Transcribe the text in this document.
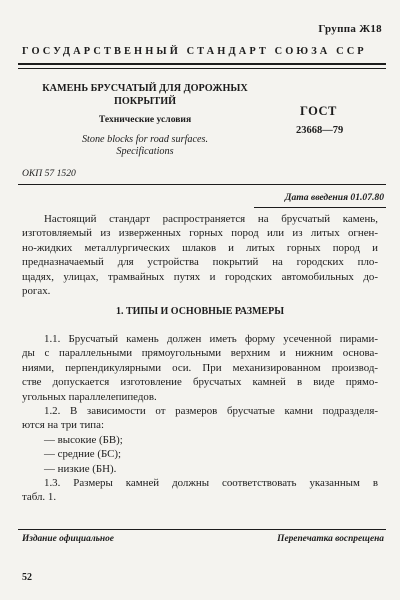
Группа Ж18
ГОСУДАРСТВЕННЫЙ СТАНДАРТ СОЮЗА ССР
КАМЕНЬ БРУСЧАТЫЙ ДЛЯ ДОРОЖНЫХ
ПОКРЫТИЙ
Технические условия
Stone blocks for road surfaces.
Specifications
ГОСТ
23668—79
ОКП 57 1520
Дата введения 01.07.80
Настоящий стандарт распространяется на брусчатый камень,
изготовляемый из изверженных горных пород или из литых огнен-
но-жидких металлургических шлаков и литых горных пород и
предназначаемый для устройства покрытий на городских пло-
щадях, улицах, трамвайных путях и городских автомобильных до-
рогах.
1. ТИПЫ И ОСНОВНЫЕ РАЗМЕРЫ
1.1. Брусчатый камень должен иметь форму усеченной пирами-
ды с параллельными прямоугольными верхним и нижним основа-
ниями, перпендикулярными оси. При механизированном производ-
стве допускается изготовление брусчатых камней в виде прямо-
угольных параллелепипедов.
1.2. В зависимости от размеров брусчатые камни подразделя-
ются на три типа:
— высокие (БВ);
— средние (БС);
— низкие (БН).
1.3. Размеры камней должны соответствовать указанным в
табл. 1.
Издание официальное	Перепечатка воспрещена
52
